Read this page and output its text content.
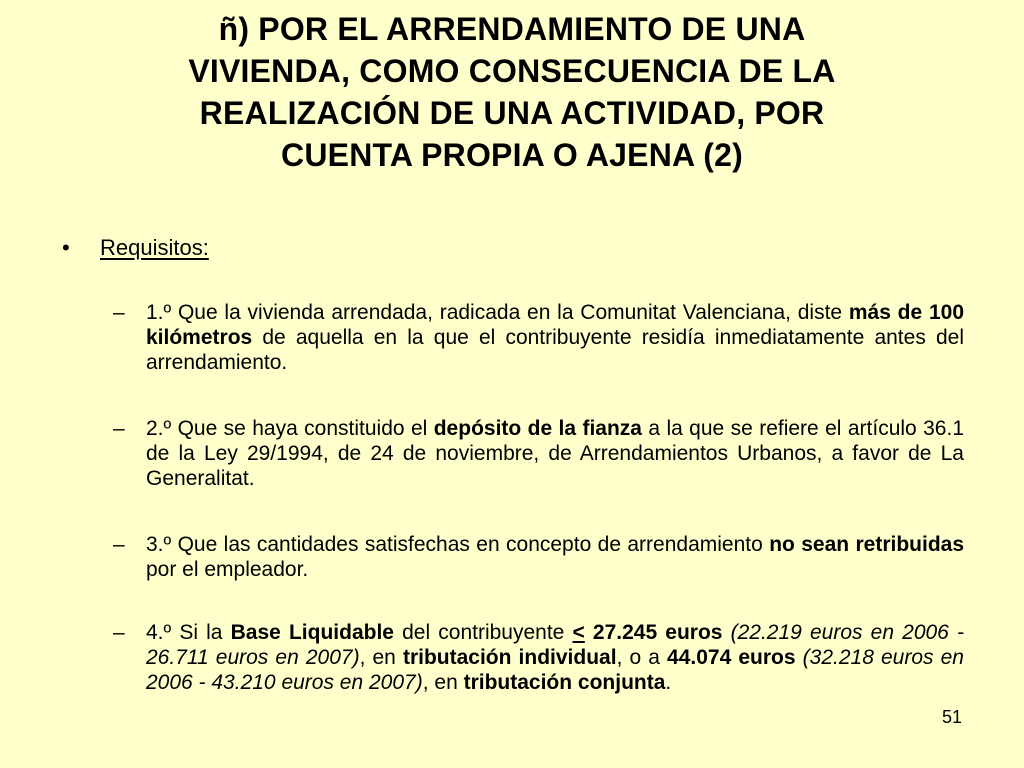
ñ) POR EL ARRENDAMIENTO DE UNA
VIVIENDA, COMO CONSECUENCIA DE LA
REALIZACIÓN DE UNA ACTIVIDAD, POR
CUENTA PROPIA O AJENA (2)
• Requisitos:
– 1.º Que la vivienda arrendada, radicada en la Comunitat Valenciana, diste más de 100 kilómetros de aquella en la que el contribuyente residía inmediatamente antes del arrendamiento.
– 2.º Que se haya constituido el depósito de la fianza a la que se refiere el artículo 36.1 de la Ley 29/1994, de 24 de noviembre, de Arrendamientos Urbanos, a favor de La Generalitat.
– 3.º Que las cantidades satisfechas en concepto de arrendamiento no sean retribuidas por el empleador.
– 4.º Si la Base Liquidable del contribuyente < 27.245 euros (22.219 euros en 2006 - 26.711 euros en 2007), en tributación individual, o a 44.074 euros (32.218 euros en 2006 - 43.210 euros en 2007), en tributación conjunta.
51
